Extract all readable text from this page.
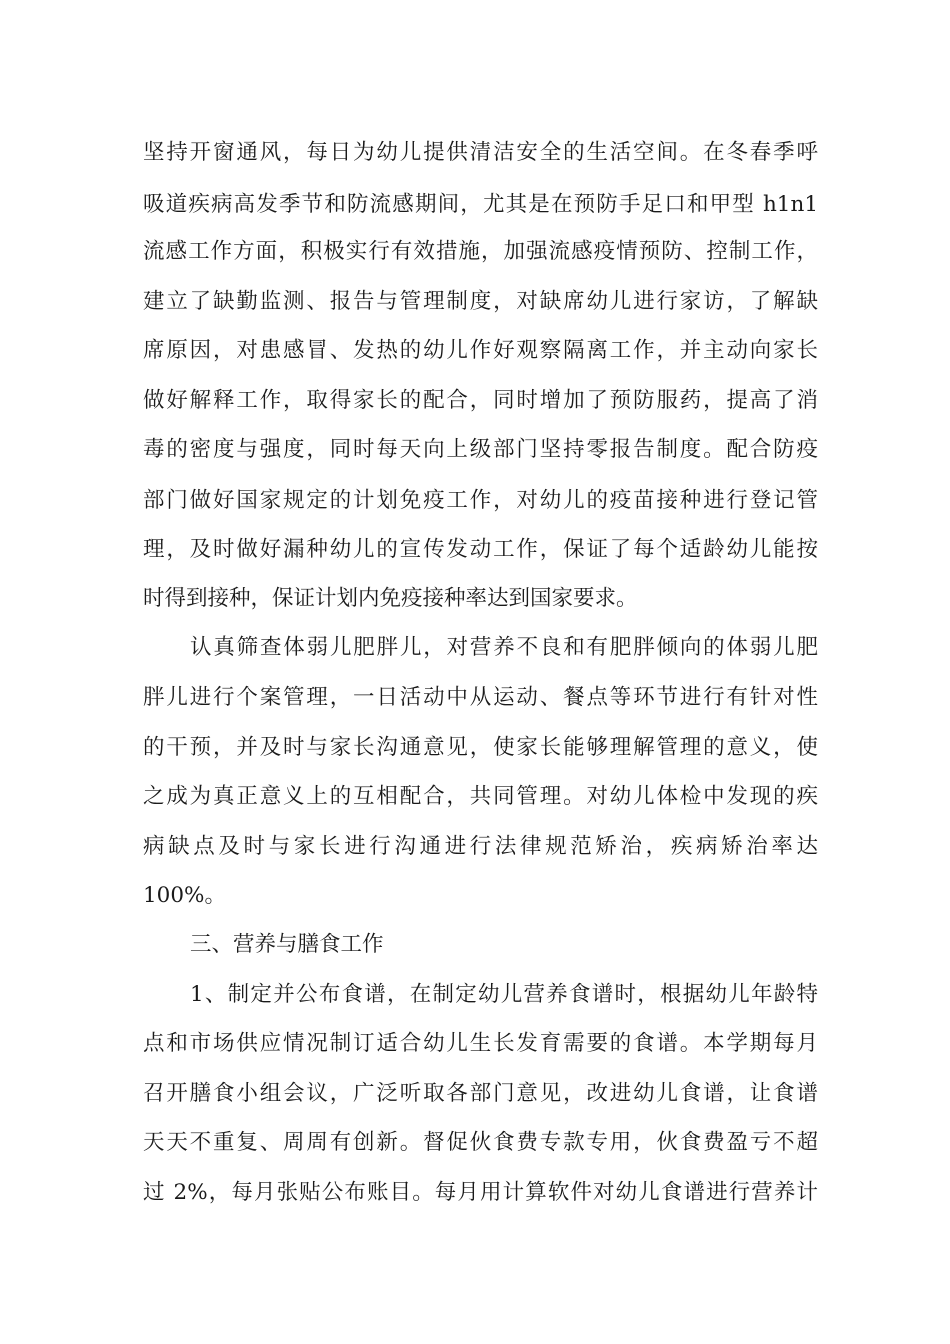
坚持开窗通风，每日为幼儿提供清洁安全的生活空间。在冬春季呼
吸道疾病高发季节和防流感期间，尤其是在预防手足口和甲型 h1n1
流感工作方面，积极实行有效措施，加强流感疫情预防、控制工作，
建立了缺勤监测、报告与管理制度，对缺席幼儿进行家访，了解缺
席原因，对患感冒、发热的幼儿作好观察隔离工作，并主动向家长
做好解释工作，取得家长的配合，同时增加了预防服药，提高了消
毒的密度与强度，同时每天向上级部门坚持零报告制度。配合防疫
部门做好国家规定的计划免疫工作，对幼儿的疫苗接种进行登记管
理，及时做好漏种幼儿的宣传发动工作，保证了每个适龄幼儿能按
时得到接种，保证计划内免疫接种率达到国家要求。
认真筛查体弱儿肥胖儿，对营养不良和有肥胖倾向的体弱儿肥
胖儿进行个案管理，一日活动中从运动、餐点等环节进行有针对性
的干预，并及时与家长沟通意见，使家长能够理解管理的意义，使
之成为真正意义上的互相配合，共同管理。对幼儿体检中发现的疾
病缺点及时与家长进行沟通进行法律规范矫治，疾病矫治率达
100%。
三、营养与膳食工作
1、制定并公布食谱，在制定幼儿营养食谱时，根据幼儿年龄特
点和市场供应情况制订适合幼儿生长发育需要的食谱。本学期每月
召开膳食小组会议，广泛听取各部门意见，改进幼儿食谱，让食谱
天天不重复、周周有创新。督促伙食费专款专用，伙食费盈亏不超
过 2%，每月张贴公布账目。每月用计算软件对幼儿食谱进行营养计
